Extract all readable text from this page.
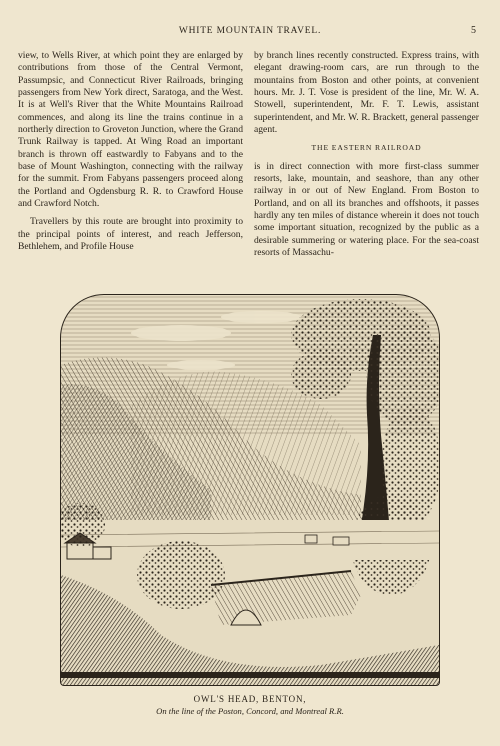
WHITE MOUNTAIN TRAVEL.	5

view, to Wells River, at which point they are enlarged by contributions from those of the Central Vermont, Passumpsic, and Connecticut River Railroads, bringing passengers from New York direct, Saratoga, and the West. It is at Well's River that the White Mountains Railroad commences, and along its line the trains continue in a northerly direction to Groveton Junction, where the Grand Trunk Railway is tapped. At Wing Road an important branch is thrown off eastwardly to Fabyans and to the base of Mount Washington, connecting with the railway for the summit. From Fabyans passengers proceed along the Portland and Ogdensburg R. R. to Crawford House and Crawford Notch.

Travellers by this route are brought into proximity to the principal points of interest, and reach Jefferson, Bethlehem, and Profile House

by branch lines recently constructed. Express trains, with elegant drawing-room cars, are run through to the mountains from Boston and other points, at convenient hours. Mr. J. T. Vose is president of the line, Mr. W. A. Stowell, superintendent, Mr. F. T. Lewis, assistant superintendent, and Mr. W. R. Brackett, general passenger agent.

THE EASTERN RAILROAD

is in direct connection with more first-class summer resorts, lake, mountain, and seashore, than any other railway in or out of New England. From Boston to Portland, and on all its branches and offshoots, it passes hardly any ten miles of distance wherein it does not touch some important situation, recognized by the public as a desirable summering or watering place. For the sea-coast resorts of Massachu-

OWL'S HEAD, BENTON,
On the line of the Poston, Concord, and Montreal R.R.
